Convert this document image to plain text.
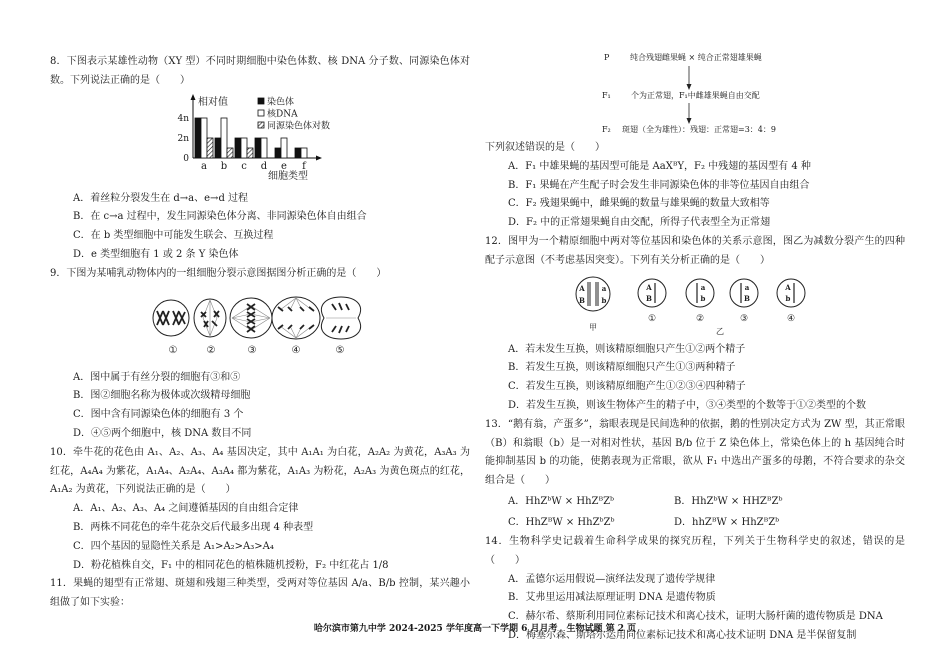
8．下图表示某雄性动物（XY 型）不同时期细胞中染色体数、核 DNA 分子数、同源染色体对数。下列说法正确的是（　　）
相对值
细胞类型
a b c d e f
4n
2n
0
染色体
核DNA
同源染色体对数
A．着丝粒分裂发生在 d→a、e→d 过程
B．在 c→a 过程中，发生同源染色体分离、非同源染色体自由组合
C．在 b 类型细胞中可能发生联会、互换过程
D．e 类型细胞有 1 或 2 条 Y 染色体
9．下图为某哺乳动物体内的一组细胞分裂示意图据图分析正确的是（　　）
①	②	③	④	⑤
A．图中属于有丝分裂的细胞有③和⑤
B．图②细胞名称为极体或次级精母细胞
C．图中含有同源染色体的细胞有 3 个
D．④⑤两个细胞中，核 DNA 数目不同
10．牵牛花的花色由 A₁、A₂、A₃、A₄ 基因决定，其中 A₁A₁ 为白花，A₂A₂ 为黄花，A₃A₃ 为红花，A₄A₄ 为紫花，A₁A₄、A₂A₄、A₃A₄ 都为紫花，A₁A₃ 为粉花，A₂A₃ 为黄色斑点的红花，A₁A₂ 为黄花，下列说法正确的是（　　）
A．A₁、A₂、A₃、A₄ 之间遵循基因的自由组合定律
B．两株不同花色的牵牛花杂交后代最多出现 4 种表型
C．四个基因的显隐性关系是 A₁>A₂>A₃>A₄
D．粉花植株自交，F₁ 中的相同花色的植株随机授粉，F₂ 中红花占 1/8
11．果蝇的翅型有正常翅、斑翅和残翅三种类型，受两对等位基因 A/a、B/b 控制，某兴趣小组做了如下实验：
P	纯合残翅雌果蝇 × 纯合正常翅雄果蝇
F₁	个为正常翅，F₁中雌雄果蝇自由交配
F₂ 斑翅（全为雄性）：残翅：正常翅=3：4：9
下列叙述错误的是（　　）
A．F₁ 中雄果蝇的基因型可能是 AaXᴮY，F₂ 中残翅的基因型有 4 种
B．F₁ 果蝇在产生配子时会发生非同源染色体的非等位基因自由组合
C．F₂ 残翅果蝇中，雌果蝇的数量与雄果蝇的数量大致相等
D．F₂ 中的正常翅果蝇自由交配，所得子代表型全为正常翅
12．图甲为一个精原细胞中两对等位基因和染色体的关系示意图，图乙为减数分裂产生的四种配子示意图（不考虑基因突变）。下列有关分析正确的是（　　）
A
B
a
b
A
B
a
b
a
B
A
b
①	②	③	④
甲	乙
A．若未发生互换，则该精原细胞只产生①②两个精子
B．若发生互换，则该精原细胞只产生①③两种精子
C．若发生互换，则该精原细胞产生①②③④四种精子
D．若发生互换，则该生物体产生的精子中，③④类型的个数等于①②类型的个数
13．“鹅有翁，产蛋多”，翁眼表现是民间选种的依据，鹅的性别决定方式为 ZW 型，其正常眼（B）和翁眼（b）是一对相对性状，基因 B/b 位于 Z 染色体上，常染色体上的 h 基因纯合时能抑制基因 b 的功能，使鹅表现为正常眼，欲从 F₁ 中选出产蛋多的母鹅，不符合要求的杂交组合是（　　）
A．HhZᵇW × HhZᴮZᵇ	B．HhZᵇW × HHZᴮZᵇ
C．HhZᴮW × HhZᵇZᵇ	D．hhZᴮW × HhZᴮZᵇ
14．生物科学史记载着生命科学成果的探究历程，下列关于生物科学史的叙述，错误的是（　　）
A．孟德尔运用假说—演绎法发现了遗传学规律
B．艾弗里运用减法原理证明 DNA 是遗传物质
C．赫尔希、蔡斯利用同位素标记技术和离心技术，证明大肠杆菌的遗传物质是 DNA
D．梅塞尔森、斯塔尔运用同位素标记技术和离心技术证明 DNA 是半保留复制
哈尔滨市第九中学 2024-2025 学年度高一下学期 6 月月考　生物试题 第 2 页
